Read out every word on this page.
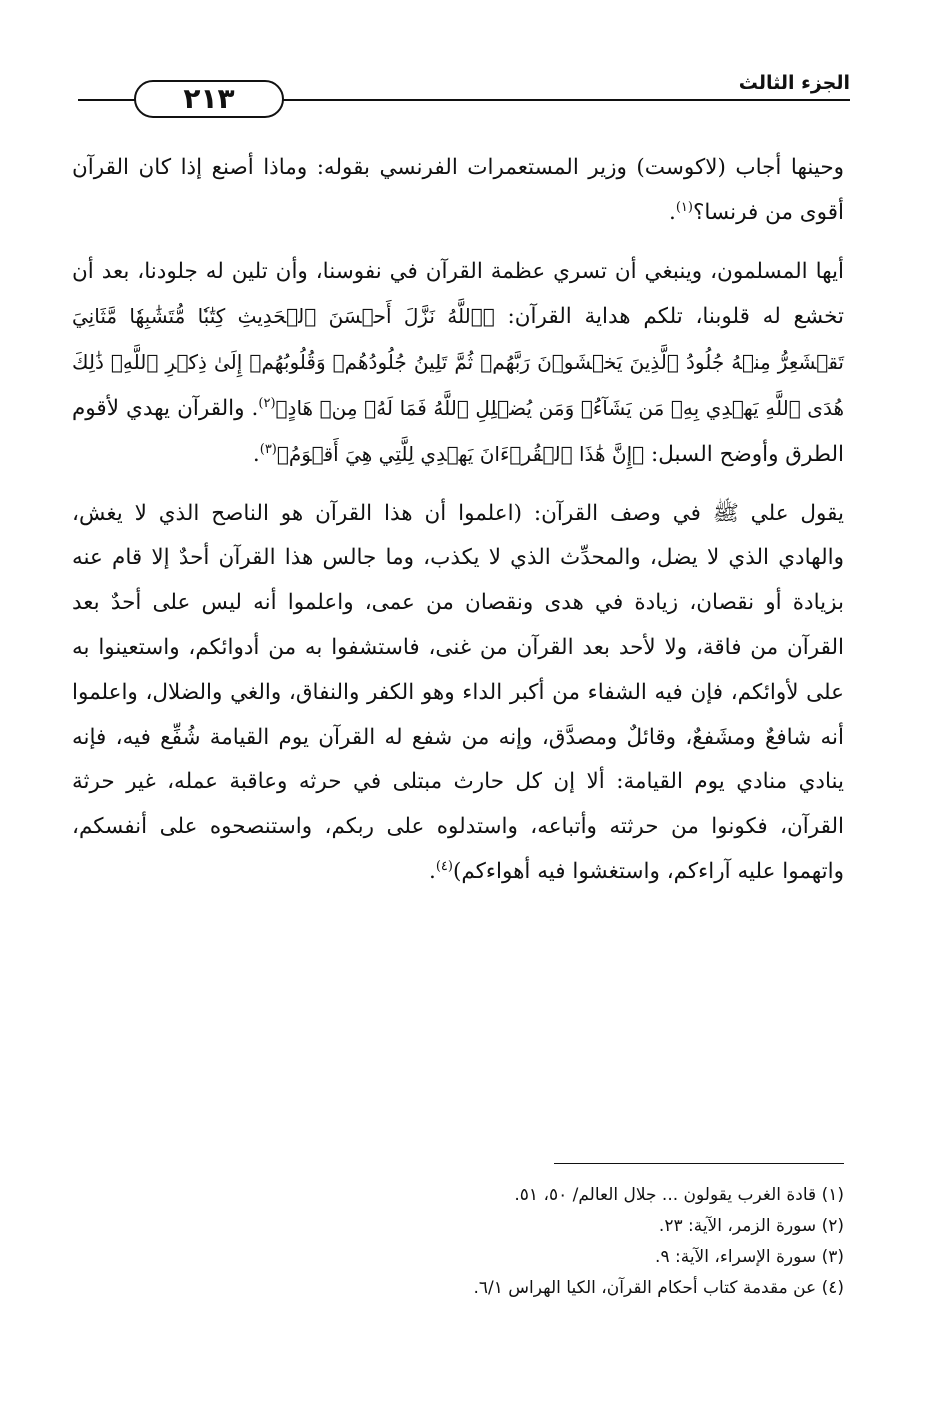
٢١٣	الجزء الثالث

وحينها أجاب (لاكوست) وزير المستعمرات الفرنسي بقوله: وماذا أصنع إذا كان القرآن أقوى من فرنسا؟$^{(١)}$.

أيها المسلمون، وينبغي أن تسري عظمة القرآن في نفوسنا، وأن تلين له جلودنا، بعد أن تخشع له قلوبنا، تلكم هداية القرآن: ﴿ٱللَّهُ نَزَّلَ أَحۡسَنَ ٱلۡحَدِيثِ كِتَٰبٗا مُّتَشَٰبِهٗا مَّثَانِيَ تَقۡشَعِرُّ مِنۡهُ جُلُودُ ٱلَّذِينَ يَخۡشَوۡنَ رَبَّهُمۡ ثُمَّ تَلِينُ جُلُودُهُمۡ وَقُلُوبُهُمۡ إِلَىٰ ذِكۡرِ ٱللَّهِۚ ذَٰلِكَ هُدَى ٱللَّهِ يَهۡدِي بِهِۦ مَن يَشَآءُۚ وَمَن يُضۡلِلِ ٱللَّهُ فَمَا لَهُۥ مِنۡ هَادٍ﴾$^{(٢)}$. والقرآن يهدي لأقوم الطرق وأوضح السبل: ﴿إِنَّ هَٰذَا ٱلۡقُرۡءَانَ يَهۡدِي لِلَّتِي هِيَ أَقۡوَمُ﴾$^{(٣)}$.

يقول علي ﷺ في وصف القرآن: (اعلموا أن هذا القرآن هو الناصح الذي لا يغش، والهادي الذي لا يضل، والمحدِّث الذي لا يكذب، وما جالس هذا القرآن أحدٌ إلا قام عنه بزيادة أو نقصان، زيادة في هدى ونقصان من عمى، واعلموا أنه ليس على أحدٌ بعد القرآن من فاقة، ولا لأحد بعد القرآن من غنى، فاستشفوا به من أدوائكم، واستعينوا به على لأوائكم، فإن فيه الشفاء من أكبر الداء وهو الكفر والنفاق، والغي والضلال، واعلموا أنه شافعٌ ومشَفعٌ، وقائلٌ ومصدَّق، وإنه من شفع له القرآن يوم القيامة شُفِّع فيه، فإنه ينادي منادي يوم القيامة: ألا إن كل حارث مبتلى في حرثه وعاقبة عمله، غير حرثة القرآن، فكونوا من حرثته وأتباعه، واستدلوه على ربكم، واستنصحوه على أنفسكم، واتهموا عليه آراءكم، واستغشوا فيه أهواءكم)$^{(٤)}$.

(١) قادة الغرب يقولون ... جلال العالم/ ٥٠، ٥١.
(٢) سورة الزمر، الآية: ٢٣.
(٣) سورة الإسراء، الآية: ٩.
(٤) عن مقدمة كتاب أحكام القرآن، الكيا الهراس ٦/١.
